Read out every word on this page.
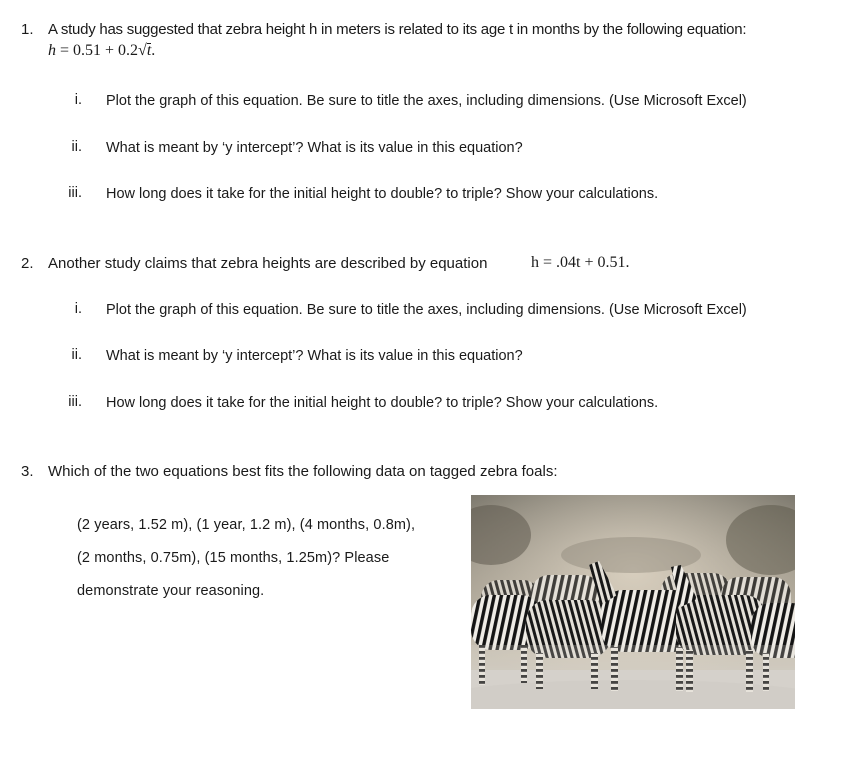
1. A study has suggested that zebra height h in meters is related to its age t in months by the following equation:
h = 0.51 + 0.2√t.
i. Plot the graph of this equation. Be sure to title the axes, including dimensions. (Use Microsoft Excel)
ii. What is meant by ‘y intercept’? What is its value in this equation?
iii. How long does it take for the initial height to double? to triple? Show your calculations.
2. Another study claims that zebra heights are described by equation	h = .04t + 0.51.
i. Plot the graph of this equation. Be sure to title the axes, including dimensions. (Use Microsoft Excel)
ii. What is meant by ‘y intercept’? What is its value in this equation?
iii. How long does it take for the initial height to double? to triple? Show your calculations.
3. Which of the two equations best fits the following data on tagged zebra foals:
(2 years, 1.52 m), (1 year, 1.2 m), (4 months, 0.8m),
(2 months, 0.75m), (15 months, 1.25m)? Please
demonstrate your reasoning.
